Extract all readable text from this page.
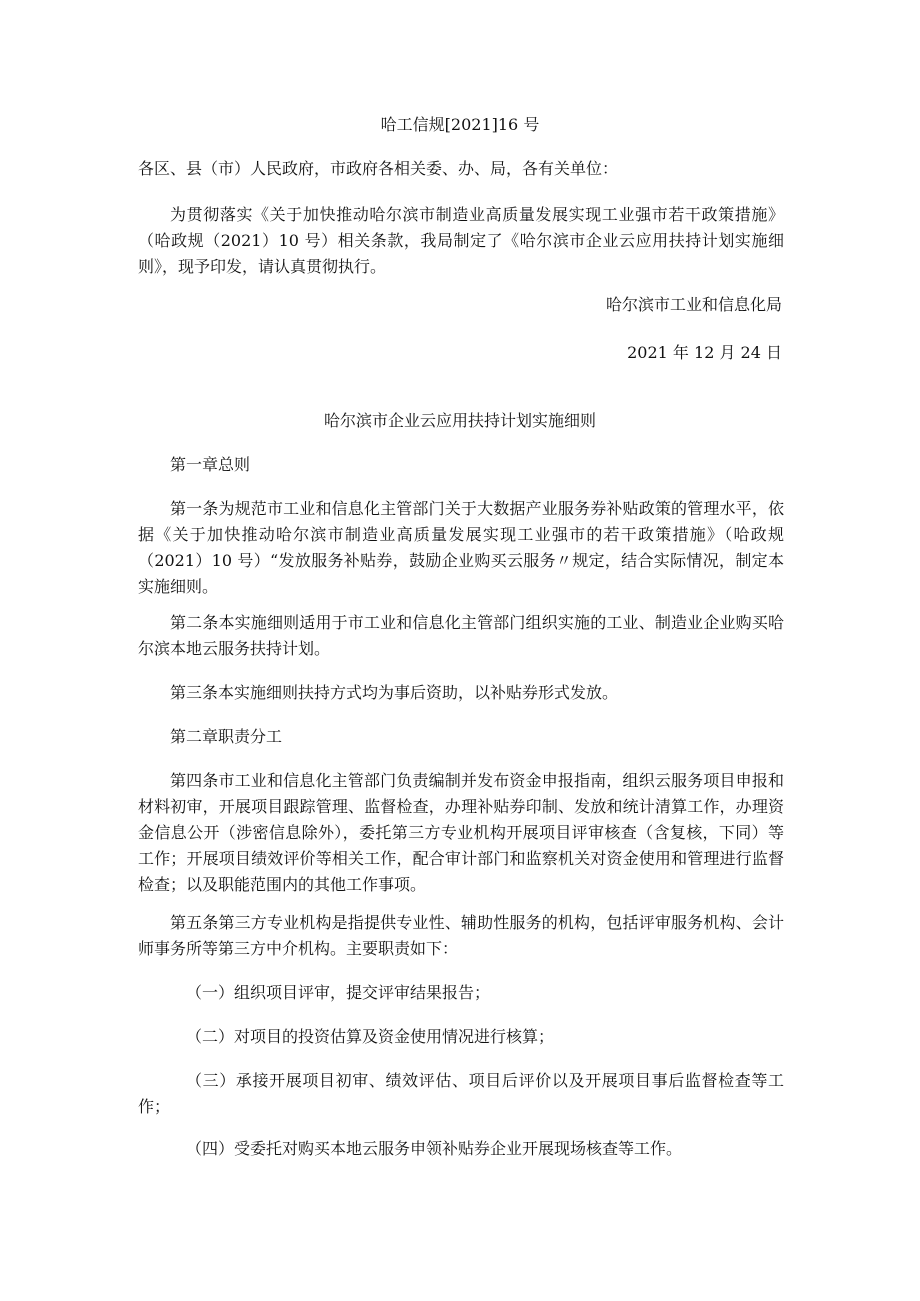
哈工信规[2021]16 号
各区、县（市）人民政府，市政府各相关委、办、局，各有关单位：
为贯彻落实《关于加快推动哈尔滨市制造业高质量发展实现工业强市若干政策措施》（哈政规（2021）10 号）相关条款，我局制定了《哈尔滨市企业云应用扶持计划实施细则》，现予印发，请认真贯彻执行。
哈尔滨市工业和信息化局
2021 年 12 月 24 日
哈尔滨市企业云应用扶持计划实施细则
第一章总则
第一条为规范市工业和信息化主管部门关于大数据产业服务券补贴政策的管理水平，依据《关于加快推动哈尔滨市制造业高质量发展实现工业强市的若干政策措施》（哈政规（2021）10 号）“发放服务补贴券，鼓励企业购买云服务〃规定，结合实际情况，制定本实施细则。
第二条本实施细则适用于市工业和信息化主管部门组织实施的工业、制造业企业购买哈尔滨本地云服务扶持计划。
第三条本实施细则扶持方式均为事后资助，以补贴券形式发放。
第二章职责分工
第四条市工业和信息化主管部门负责编制并发布资金申报指南，组织云服务项目申报和材料初审，开展项目跟踪管理、监督检查，办理补贴券印制、发放和统计清算工作，办理资金信息公开（涉密信息除外），委托第三方专业机构开展项目评审核查（含复核，下同）等工作；开展项目绩效评价等相关工作，配合审计部门和监察机关对资金使用和管理进行监督检查；以及职能范围内的其他工作事项。
第五条第三方专业机构是指提供专业性、辅助性服务的机构，包括评审服务机构、会计师事务所等第三方中介机构。主要职责如下：
（一）组织项目评审，提交评审结果报告；
（二）对项目的投资估算及资金使用情况进行核算；
（三）承接开展项目初审、绩效评估、项目后评价以及开展项目事后监督检查等工作；
（四）受委托对购买本地云服务申领补贴券企业开展现场核查等工作。
